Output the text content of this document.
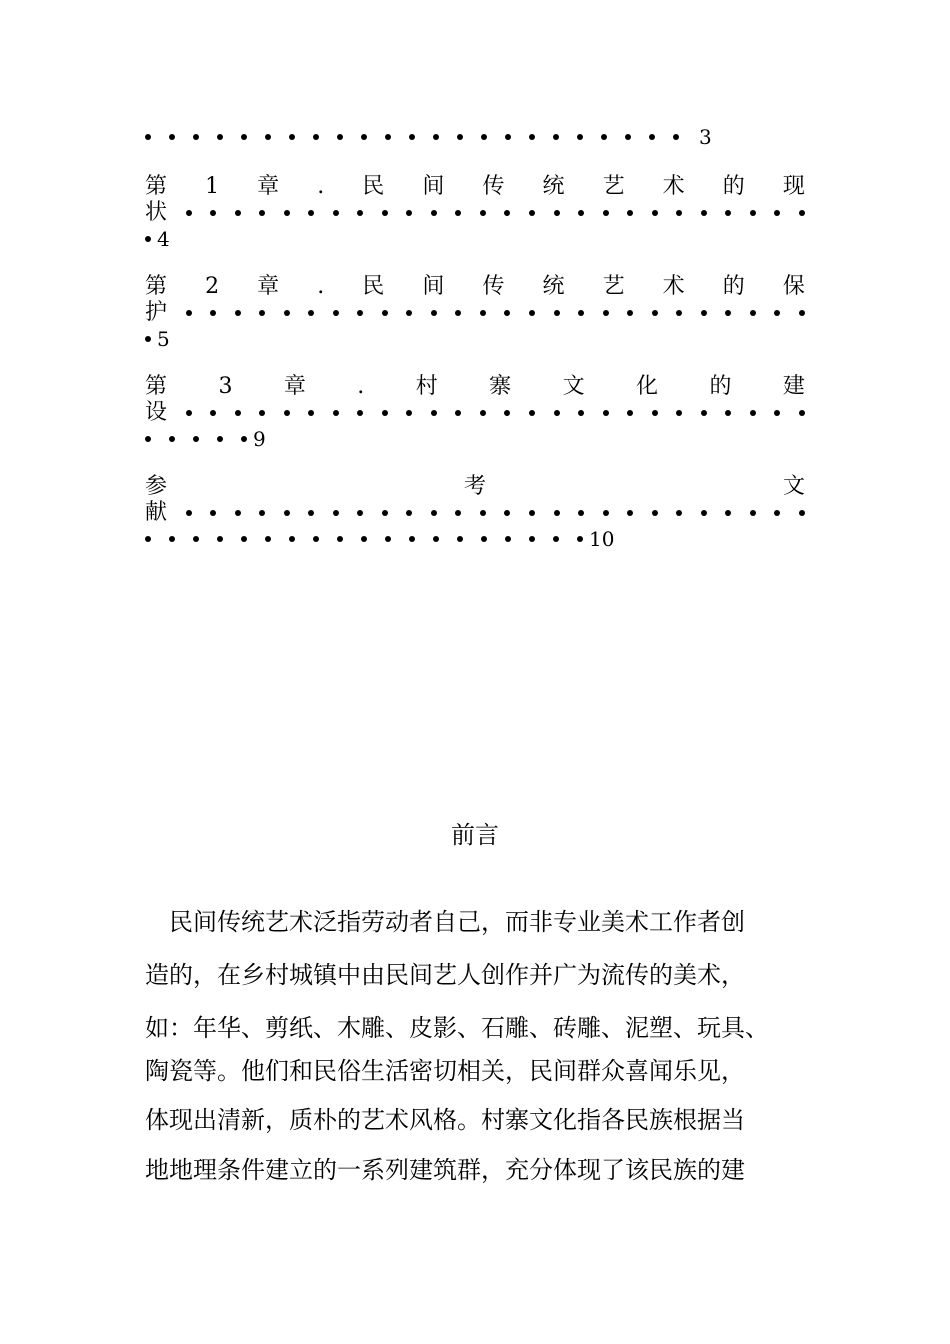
3
第 1 章 . 民 间 传 统 艺 术 的 现
状
4
第 2 章 . 民 间 传 统 艺 术 的 保
护
5
第 3 章 . 村 寨 文 化 的 建
设
9
参	考	文
献
10
前言
　民间传统艺术泛指劳动者自己，而非专业美术工作者创
造的，在乡村城镇中由民间艺人创作并广为流传的美术，
如：年华、剪纸、木雕、皮影、石雕、砖雕、泥塑、玩具、
陶瓷等。他们和民俗生活密切相关，民间群众喜闻乐见，
体现出清新，质朴的艺术风格。村寨文化指各民族根据当
地地理条件建立的一系列建筑群，充分体现了该民族的建
